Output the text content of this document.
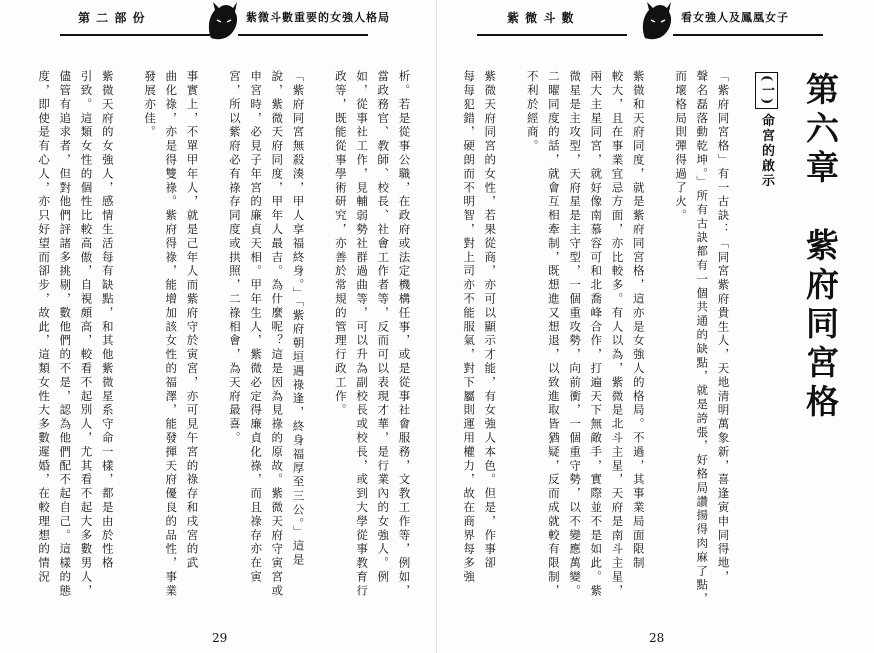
第 二 部 份	紫微斗數重要的女強人格局
析。若是從事公職，在政府或法定機構任事，或是從事社會服務，文教工作等，例如，
當政務官、教師、校長、社會工作者等，反而可以表現才華，是行業內的女強人。例
如，從事社工作，見輔弱勢社群過曲等，可以升為副校長或校長，或到大學從事教育行
政等，既能從事學術研究，亦善於常規的管理行政工作。
「紫府同宮無殺湊，甲人享福終身。」「紫府朝垣遇祿逢，終身福厚至三公。」這是
說，紫微天府同度，甲年人最吉。為什麼呢？這是因為見祿的原故。紫微天府守寅宮或
申宮時，必見子年宮的廉貞天相。甲年生人，紫微必定得廉貞化祿，而且祿存亦在寅
宮，所以紫府必有祿存同度或拱照，二祿相會，為天府最喜。
事實上，不單甲年人，就是己年人而紫府守於寅宮，亦可見午宮的祿存和戌宮的武
曲化祿，亦是得雙祿。紫府得祿，能增加該女性的福澤，能發揮天府優良的品性，事業
發展亦佳。
紫微天府的女強人，感情生活每有缺點，和其他紫微星系守命一樣，都是由於性格
引致。這類女性的個性比較高傲，自視頗高，較看不起別人，尤其看不起大多數男人，
儘管有追求者，但對他們評諸多挑剔，數他們的不是，認為他們配不起自己。這樣的態
度，即使是有心人，亦只好望而卻步，故此，這類女性大多數遲婚，在較理想的情況
29
紫 微 斗 數	看女強人及鳳凰女子
第六章　紫府同宮格
(一)命宮的啟示
「紫府同宮格」有一古訣：「同宮紫府貴生人，天地清明萬象新，喜逢寅申同得地，
聲名磊落動乾坤。」所有古訣都有一個共通的缺點，就是誇張，好格局讚揚得肉麻了點，
而壞格局則彈得過了火。
紫微和天府同度，就是紫府同宮格，這亦是女強人的格局。不過，其事業局面限制
較大，且在事業宜忌方面，亦比較多。有人以為，紫微是北斗主星，天府是南斗主星，
兩大主星同宮，就好像南慕容可和北喬峰合作，打遍天下無敵手，實際並不是如此。紫
微星是主攻型，天府星是主守型，一個重攻勢，向前衝，一個重守勢，以不變應萬變。
二曜同度的話，就會互相牽制，既想進又想退，以致進取皆猶疑，反而成就較有限制，
不利於經商。
紫微天府同宮的女性，若果從商，亦可以顯示才能，有女強人本色。但是，作事卻
每每犯錯，硬朗而不明智，對上司亦不能服氣，對下屬則運用權力，故在商界每多強
28
